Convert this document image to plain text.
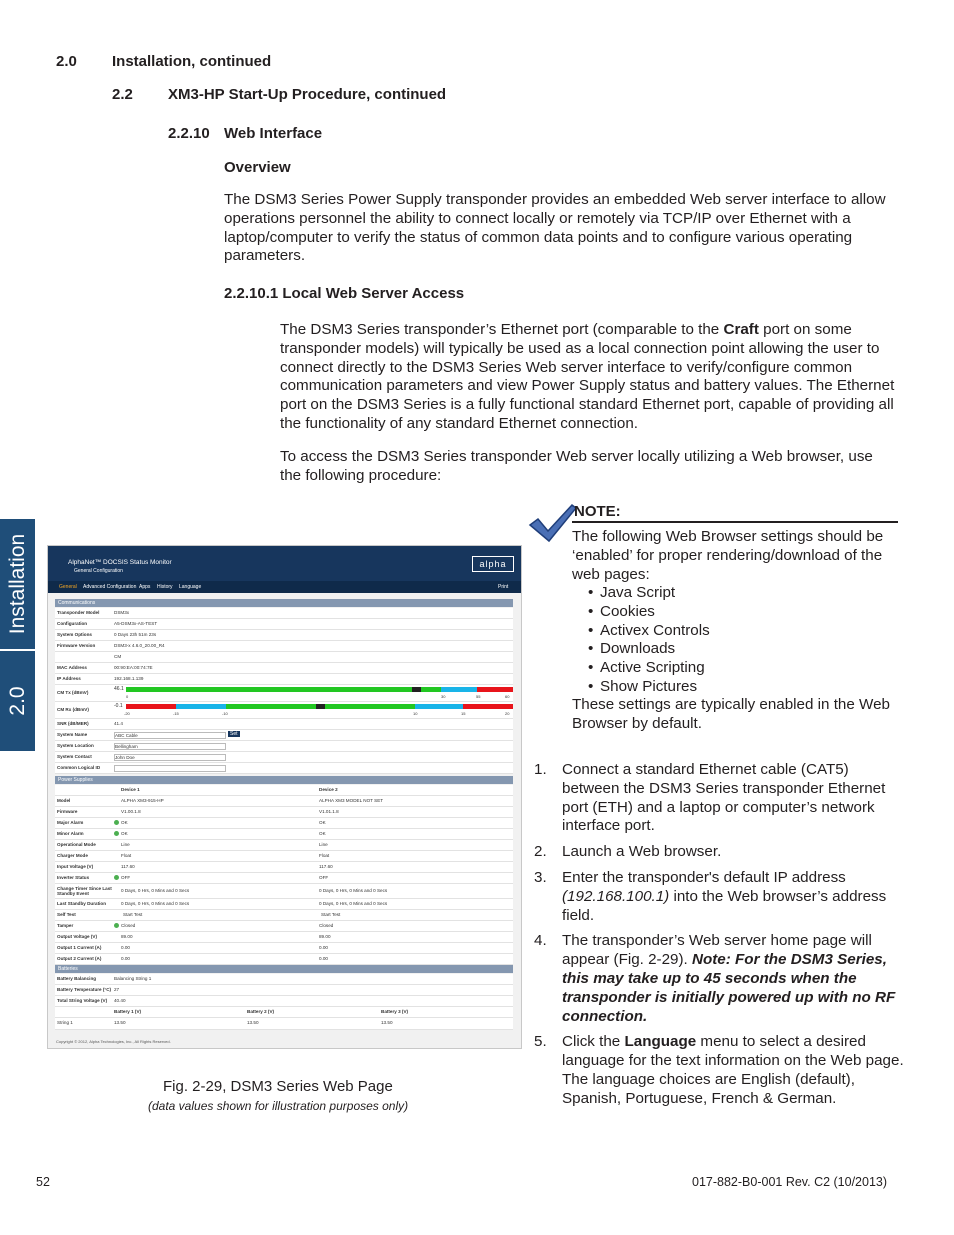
2.0 Installation, continued
2.2 XM3-HP Start-Up Procedure, continued
2.2.10 Web Interface
Overview
The DSM3 Series Power Supply transponder provides an embedded Web server interface to allow operations personnel the ability to connect locally or remotely via TCP/IP over Ethernet with a laptop/computer to verify the status of common data points and to configure various operating parameters.
2.2.10.1 Local Web Server Access
The DSM3 Series transponder’s Ethernet port (comparable to the Craft port on some transponder models) will typically be used as a local connection point allowing the user to connect directly to the DSM3 Series Web server interface to verify/configure common communication parameters and view Power Supply status and battery values. The Ethernet port on the DSM3 Series is a fully functional standard Ethernet port, capable of providing all the functionality of any standard Ethernet connection.
To access the DSM3 Series transponder Web server locally utilizing a Web browser, use the following procedure:
Installation
2.0
NOTE:
The following Web Browser settings should be ‘enabled’ for proper rendering/download of the web pages:
• Java Script
• Cookies
• Activex Controls
• Downloads
• Active Scripting
• Show Pictures
These settings are typically enabled in the Web Browser by default.
1. Connect a standard Ethernet cable (CAT5) between the DSM3 Series transponder Ethernet port (ETH) and a laptop or computer’s network interface port.
2. Launch a Web browser.
3. Enter the transponder's default IP address (192.168.100.1) into the Web browser’s address field.
4. The transponder’s Web server home page will appear (Fig. 2-29). Note: For the DSM3 Series, this may take up to 45 seconds when the transponder is initially powered up with no RF connection.
5. Click the Language menu to select a desired language for the text information on the Web page. The language choices are English (default), Spanish, Portuguese, French & German.
AlphaNet™ DOCSIS Status Monitor
General Configuration
alpha
General Advanced Configuration Apps History Language	Print
Communications
Transponder Model	DSM3x
Configuration	A5-DSM3x-AS-TEST
System Options	0 Days 23h 51m 23s
Firmware Version	DSM3-x 4.6.0_20.00_R4
CM
MAC Address	00:90:EA:00:74:7E
IP Address	192.168.1.139
CM Tx (dBmV)
46.1
0	30	55	60
CM Rx (dBmV)
-0.1
-20	-15	-10	10	15	20
SNR (dB/MER)	41.4
System Name	ABC Cable	Set
System Location	Bellingham
System Contact	John Doe
Common Logical ID
Power Supplies
Device 1	Device 2
Model	ALPHA XM3-915-HP	ALPHA XM3 MODEL NOT SET
Firmware	V1.00.1.8	V1.01.1.8
Major Alarm	OK	OK
Minor Alarm	OK	OK
Operational Mode	Line	Line
Charger Mode	Float	Float
Input Voltage (V)	117.60	117.60
Inverter Status	OFF	OFF
Change Timer Since Last Standby Event
0 Days, 0 Hrs, 0 Mins and 0 Secs	0 Days, 0 Hrs, 0 Mins and 0 Secs
Last Standby Duration	0 Days, 0 Hrs, 0 Mins and 0 Secs	0 Days, 0 Hrs, 0 Mins and 0 Secs
Self Test	Start Test	Start Test
Tamper	Closed	Closed
Output Voltage (V)	89.00	89.00
Output 1 Current (A)	0.00	0.00
Output 2 Current (A)	0.00	0.00
Batteries
Battery Balancing	Balancing String 1
Battery Temperature (°C) 27
Total String Voltage (V) 40.40
Battery 1 (V)	Battery 2 (V)	Battery 3 (V)
String 1	13.50	13.50	13.50
Copyright © 2012, Alpha Technologies, Inc., All Rights Reserved.
Fig. 2-29, DSM3 Series Web Page
(data values shown for illustration purposes only)
52	017-882-B0-001 Rev. C2 (10/2013)
